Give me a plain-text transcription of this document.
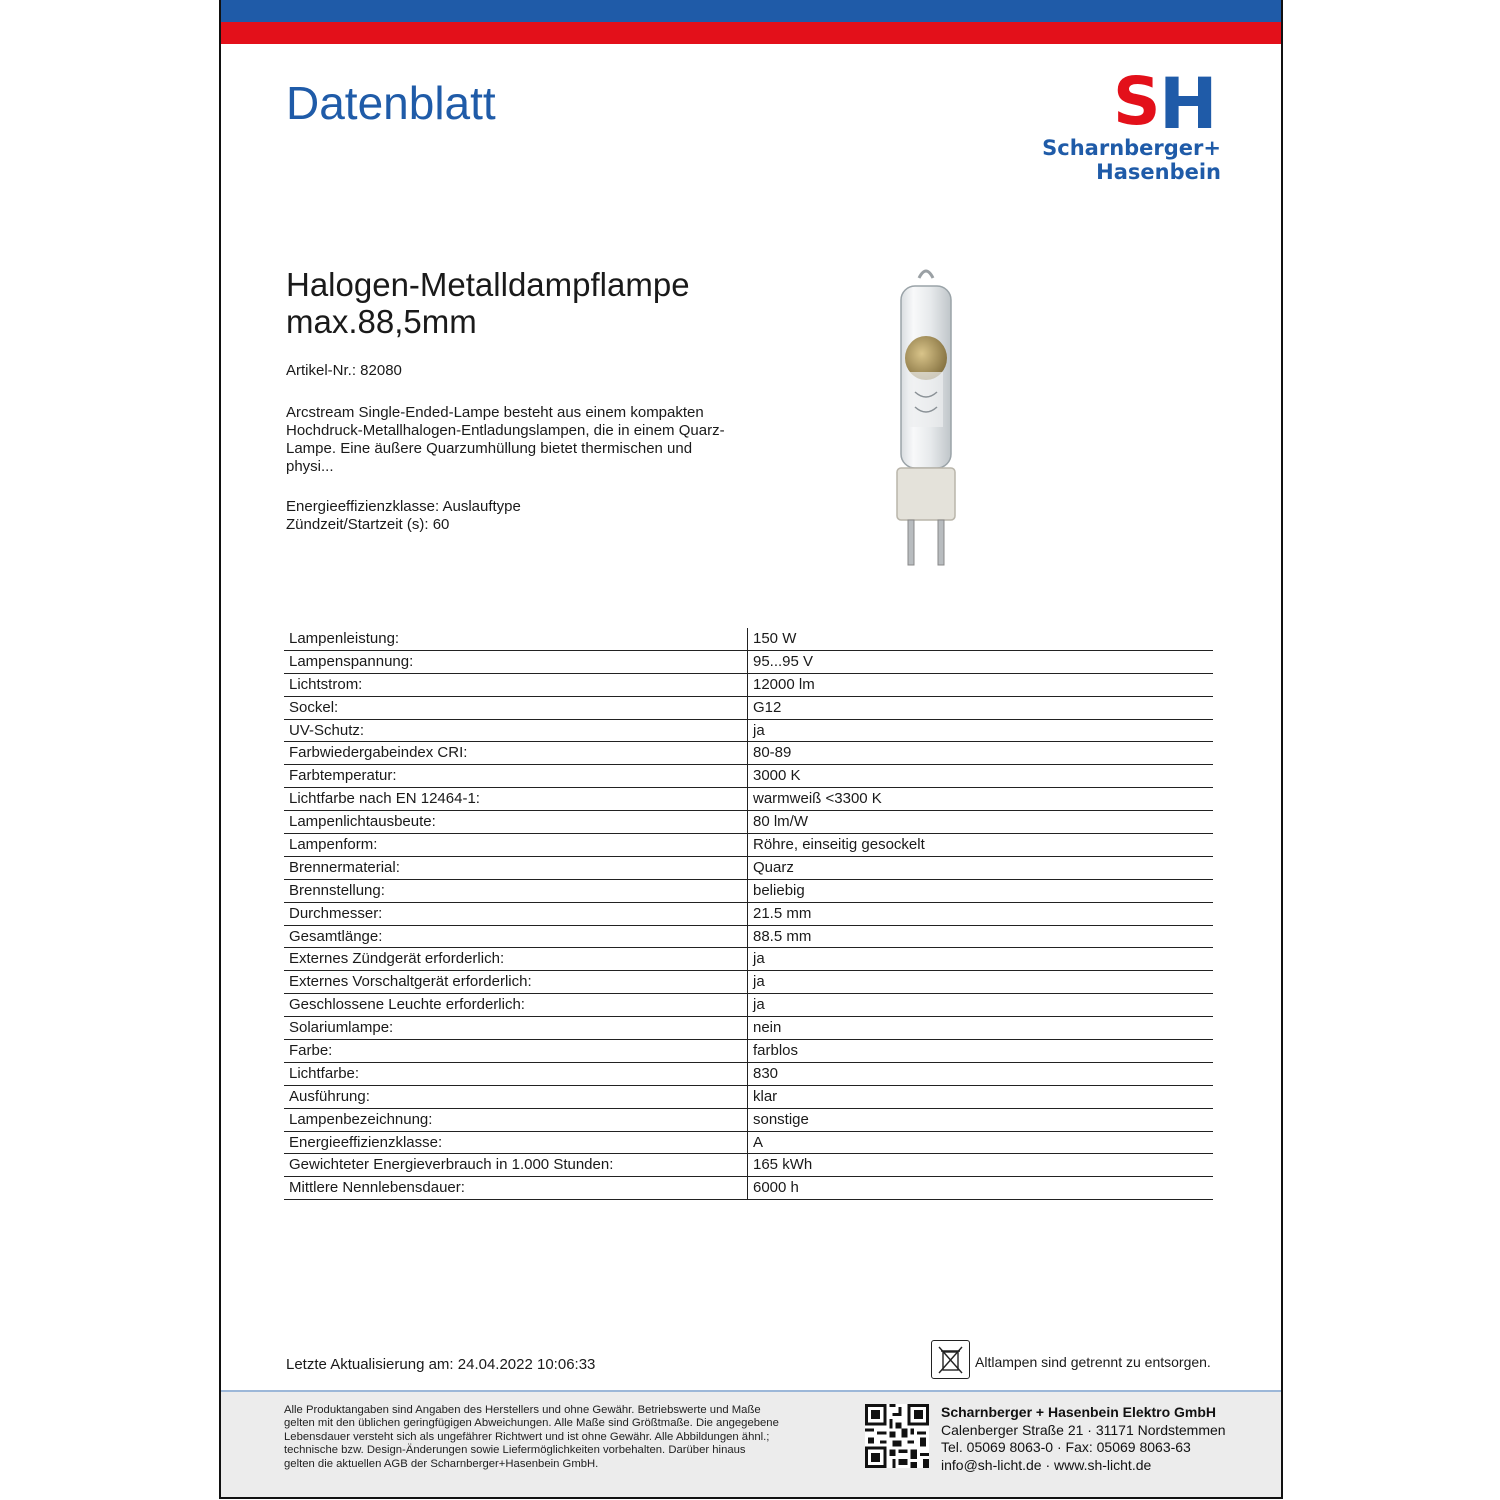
Datenblatt	S
H
Scharnberger+
Hasenbein
Halogen-Metalldampflampe
max.88,5mm
Artikel-Nr.: 82080
Arcstream Single-Ended-Lampe besteht aus einem kompakten
Hochdruck-Metallhalogen-Entladungslampen, die in einem Quarz-
Lampe. Eine äußere Quarzumhüllung bietet thermischen und
physi...
Energieeffizienzklasse: Auslauftype
Zündzeit/Startzeit (s): 60
Lampenleistung:	150 W
Lampenspannung:	95...95 V
Lichtstrom:	12000 lm
Sockel:	G12
UV-Schutz:	ja
Farbwiedergabeindex CRI:	80-89
Farbtemperatur:	3000 K
Lichtfarbe nach EN 12464-1:	warmweiß <3300 K
Lampenlichtausbeute:	80 lm/W
Lampenform:	Röhre, einseitig gesockelt
Brennermaterial:	Quarz
Brennstellung:	beliebig
Durchmesser:	21.5 mm
Gesamtlänge:	88.5 mm
Externes Zündgerät erforderlich:	ja
Externes Vorschaltgerät erforderlich:	ja
Geschlossene Leuchte erforderlich:	ja
Solariumlampe:	nein
Farbe:	farblos
Lichtfarbe:	830
Ausführung:	klar
Lampenbezeichnung:	sonstige
Energieeffizienzklasse:	A
Gewichteter Energieverbrauch in 1.000 Stunden:	165 kWh
Mittlere Nennlebensdauer:	6000 h
Letzte Aktualisierung am: 24.04.2022 10:06:33	Altlampen sind getrennt zu entsorgen.
Alle Produktangaben sind Angaben des Herstellers und ohne Gewähr. Betriebswerte und Maße
gelten mit den üblichen geringfügigen Abweichungen. Alle Maße sind Größtmaße. Die angegebene
Lebensdauer versteht sich als ungefährer Richtwert und ist ohne Gewähr. Alle Abbildungen ähnl.;
technische bzw. Design-Änderungen sowie Liefermöglichkeiten vorbehalten. Darüber hinaus
gelten die aktuellen AGB der Scharnberger+Hasenbein GmbH.
Scharnberger + Hasenbein Elektro GmbH
Calenberger Straße 21 · 31171 Nordstemmen
Tel. 05069 8063-0 · Fax: 05069 8063-63
info@sh-licht.de · www.sh-licht.de
